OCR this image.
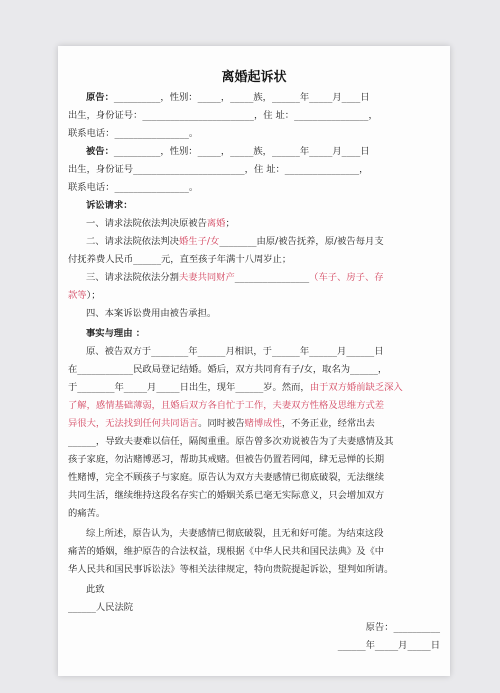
离婚起诉状
原告：__________，性别：_____，_____族，______年_____月____日
出生，身份证号：________________________，住 址：________________，
联系电话：________________。
被告：__________，性别：_____，_____族，______年_____月____日
出生，身份证号________________________，住 址：________________，
联系电话：________________。
诉讼请求：
一、请求法院依法判决原被告离婚；
二、请求法院依法判决婚生子/女________由原/被告抚养，原/被告每月支
付抚养费人民币______元，直至孩子年满十八周岁止；
三、请求法院依法分割夫妻共同财产________________（车子、房子、存
款等）；
四、本案诉讼费用由被告承担。
事实与理由 ：
原、被告双方于________年______月相识，于______年______月______日
在____________民政局登记结婚。婚后，双方共同育有子/女，取名为______，
于________年_____月_____日出生，现年______岁。然而，由于双方婚前缺乏深入
了解，感情基础薄弱，且婚后双方各自忙于工作，夫妻双方性格及思维方式差
异很大，无法找到任何共同语言。同时被告赌博成性，不务正业，经常出去
______，导致夫妻难以信任，隔阂重重。原告曾多次劝说被告为了夫妻感情及其
孩子家庭，勿沾赌博恶习，帮助其戒赌。但被告仍置若罔闻，肆无忌惮的长期
性赌博，完全不顾孩子与家庭。原告认为双方夫妻感情已彻底破裂，无法继续
共同生活，继续维持这段名存实亡的婚姻关系已毫无实际意义，只会增加双方
的痛苦。
综上所述，原告认为，夫妻感情已彻底破裂，且无和好可能。为结束这段
痛苦的婚姻，维护原告的合法权益，现根据《中华人民共和国民法典》及《中
华人民共和国民事诉讼法》等相关法律规定，特向贵院提起诉讼，望判如所请。
此致
______人民法院
原告：__________
______年_____月_____日
